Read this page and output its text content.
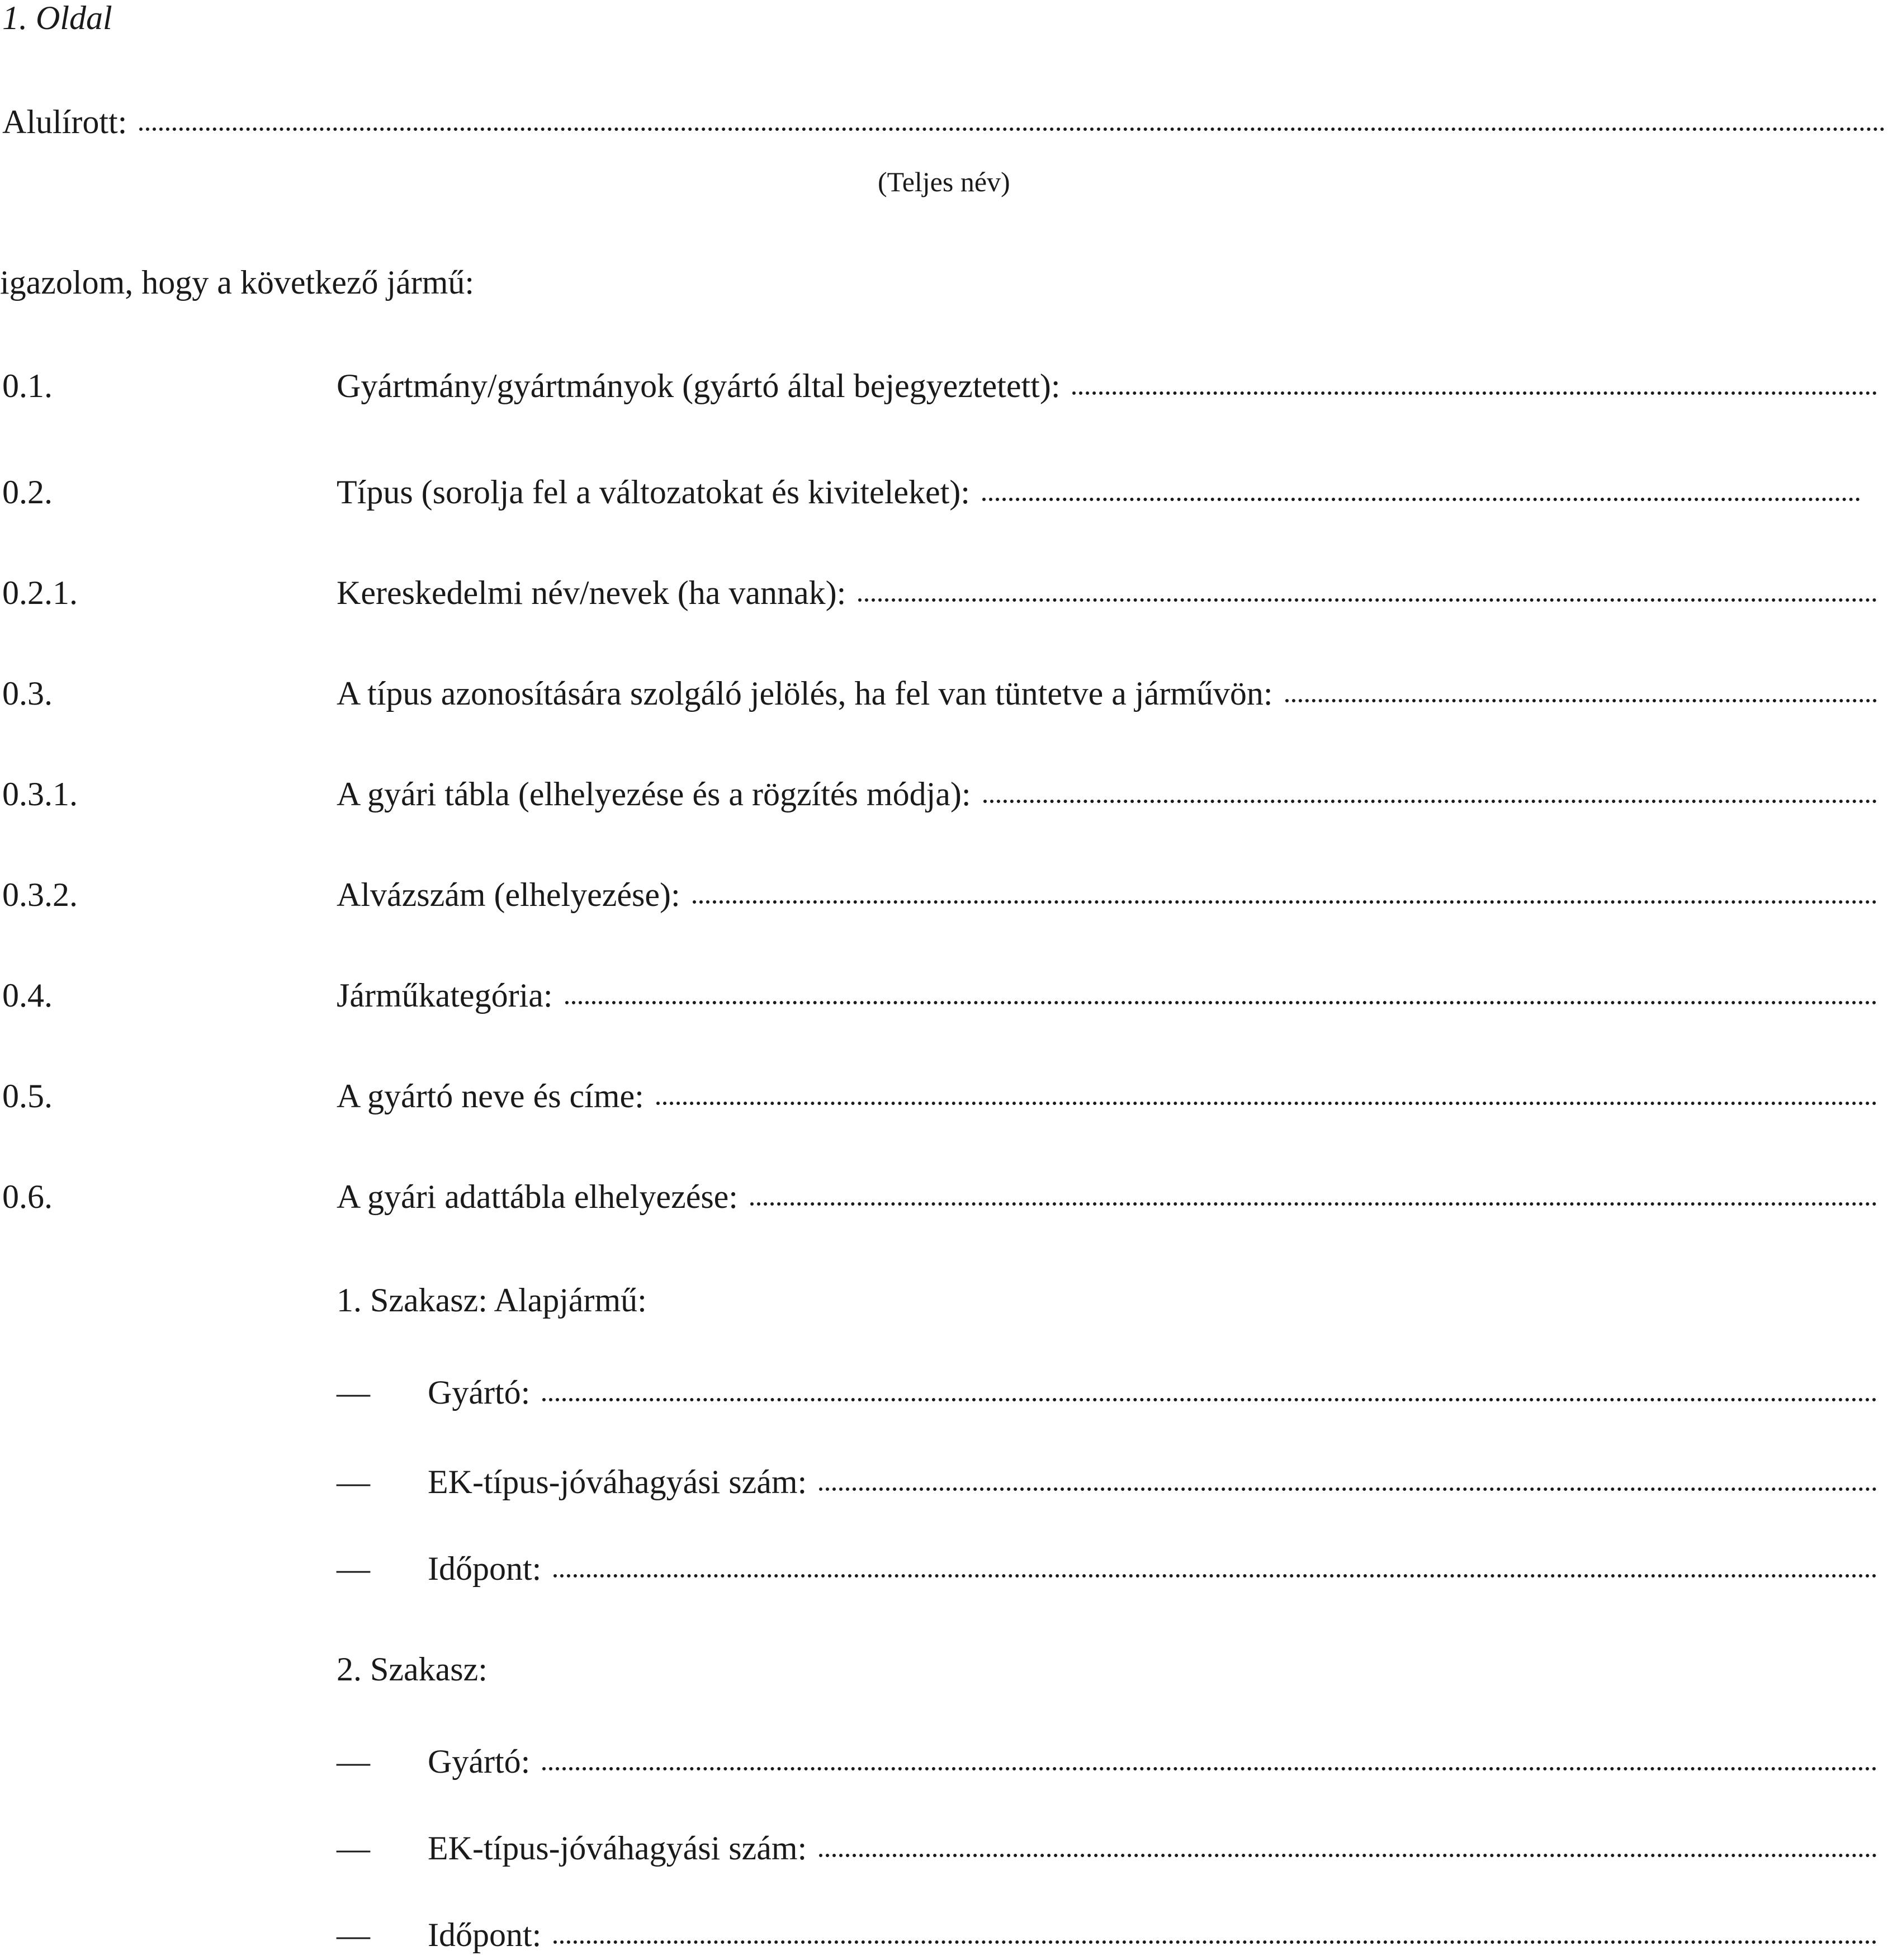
1. Oldal
Alulírott:
(Teljes név)
igazolom, hogy a következő jármű:
0.1.	Gyártmány/gyártmányok (gyártó által bejegyeztetett):
0.2.	Típus (sorolja fel a változatokat és kiviteleket):
0.2.1.	Kereskedelmi név/nevek (ha vannak):
0.3.	A típus azonosítására szolgáló jelölés, ha fel van tüntetve a járművön:
0.3.1.	A gyári tábla (elhelyezése és a rögzítés módja):
0.3.2.	Alvázszám (elhelyezése):
0.4.	Járműkategória:
0.5.	A gyártó neve és címe:
0.6.	A gyári adattábla elhelyezése:
1. Szakasz: Alapjármű:
— Gyártó:
— EK-típus-jóváhagyási szám:
— Időpont:
2. Szakasz:
— Gyártó:
— EK-típus-jóváhagyási szám:
— Időpont:
